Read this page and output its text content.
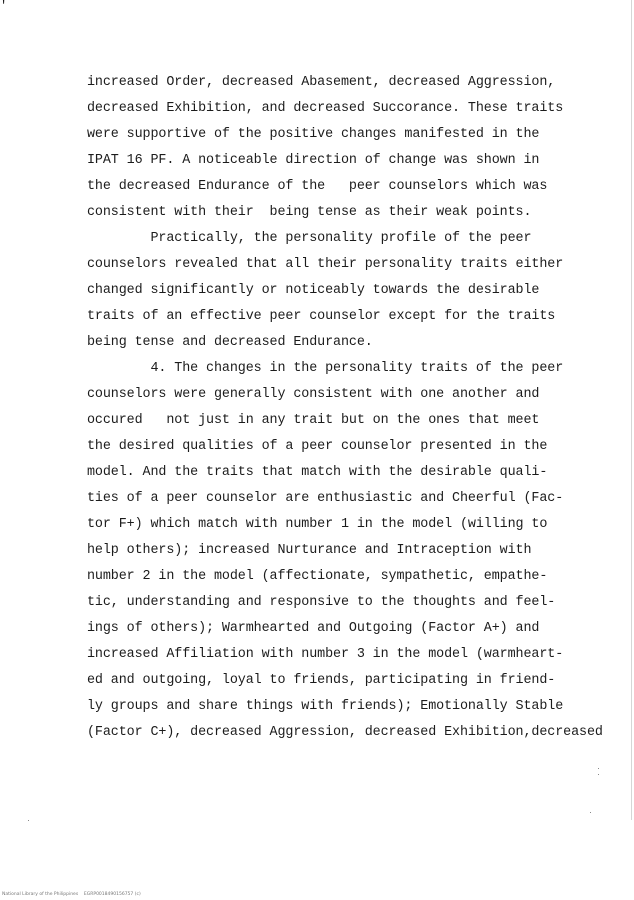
'
increased Order, decreased Abasement, decreased Aggression,
decreased Exhibition, and decreased Succorance. These traits
were supportive of the positive changes manifested in the
IPAT 16 PF. A noticeable direction of change was shown in
the decreased Endurance of the   peer counselors which was
consistent with their  being tense as their weak points.
Practically, the personality profile of the peer
counselors revealed that all their personality traits either
changed significantly or noticeably towards the desirable
traits of an effective peer counselor except for the traits
being tense and decreased Endurance.
4. The changes in the personality traits of the peer
counselors were generally consistent with one another and
occured   not just in any trait but on the ones that meet
the desired qualities of a peer counselor presented in the
model. And the traits that match with the desirable quali-
ties of a peer counselor are enthusiastic and Cheerful (Fac-
tor F+) which match with number 1 in the model (willing to
help others); increased Nurturance and Intraception with
number 2 in the model (affectionate, sympathetic, empathe-
tic, understanding and responsive to the thoughts and feel-
ings of others); Warmhearted and Outgoing (Factor A+) and
increased Affiliation with number 3 in the model (warmheart-
ed and outgoing, loyal to friends, participating in friend-
ly groups and share things with friends); Emotionally Stable
(Factor C+), decreased Aggression, decreased Exhibition,decreased
National Library of the Philippines    EGRP0018490156757 (c)
